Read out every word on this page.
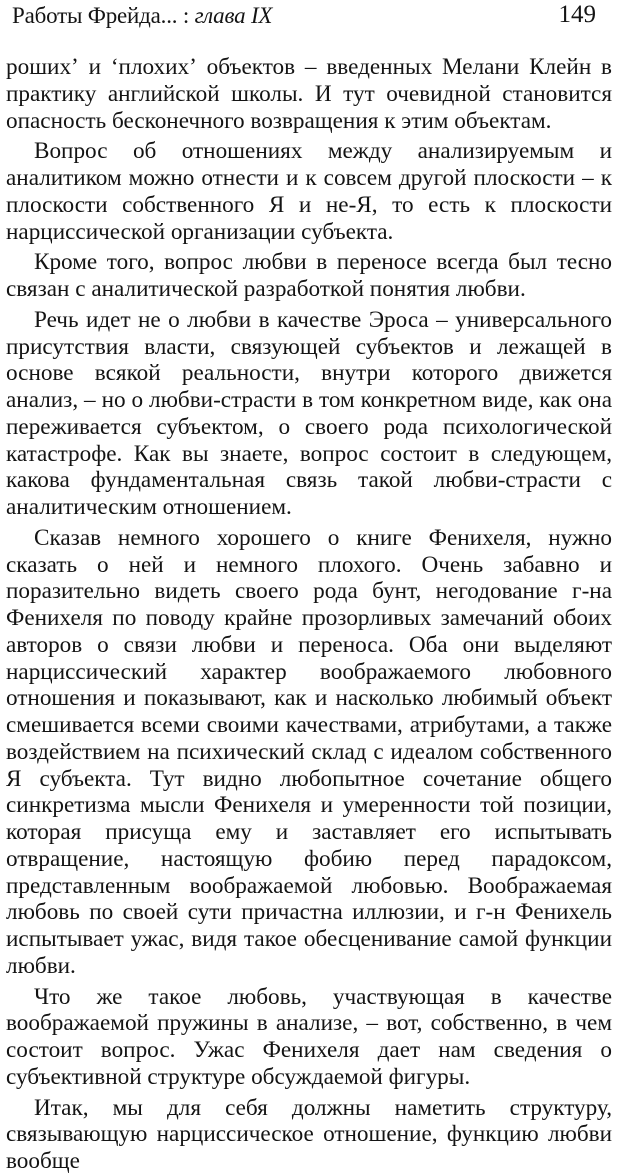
Работы Фрейда... : глава IX	149

рошихʼ и ʻплохихʼ объектов – введенных Мелани Клейн в практику английской школы. И тут очевидной становится опасность бесконечного возвращения к этим объектам.

Вопрос об отношениях между анализируемым и аналитиком можно отнести и к совсем другой плоскости – к плоскости собственного Я и не-Я, то есть к плоскости нарциссической организации субъекта.

Кроме того, вопрос любви в переносе всегда был тесно связан с аналитической разработкой понятия любви.

Речь идет не о любви в качестве Эроса – универсального присутствия власти, связующей субъектов и лежащей в основе всякой реальности, внутри которого движется анализ, – но о любви-страсти в том конкретном виде, как она переживается субъектом, о своего рода психологической катастрофе. Как вы знаете, вопрос состоит в следующем, какова фундаментальная связь такой любви-страсти с аналитическим отношением.

Сказав немного хорошего о книге Фенихеля, нужно сказать о ней и немного плохого. Очень забавно и поразительно видеть своего рода бунт, негодование г-на Фенихеля по поводу крайне прозорливых замечаний обоих авторов о связи любви и переноса. Оба они выделяют нарциссический характер воображаемого любовного отношения и показывают, как и насколько любимый объект смешивается всеми своими качествами, атрибутами, а также воздействием на психический склад с идеалом собственного Я субъекта. Тут видно любопытное сочетание общего синкретизма мысли Фенихеля и умеренности той позиции, которая присуща ему и заставляет его испытывать отвращение, настоящую фобию перед парадоксом, представленным воображаемой любовью. Воображаемая любовь по своей сути причастна иллюзии, и г-н Фенихель испытывает ужас, видя такое обесценивание самой функции любви.

Что же такое любовь, участвующая в качестве воображаемой пружины в анализе, – вот, собственно, в чем состоит вопрос. Ужас Фенихеля дает нам сведения о субъективной структуре обсуждаемой фигуры.

Итак, мы для себя должны наметить структуру, связывающую нарциссическое отношение, функцию любви вообще
